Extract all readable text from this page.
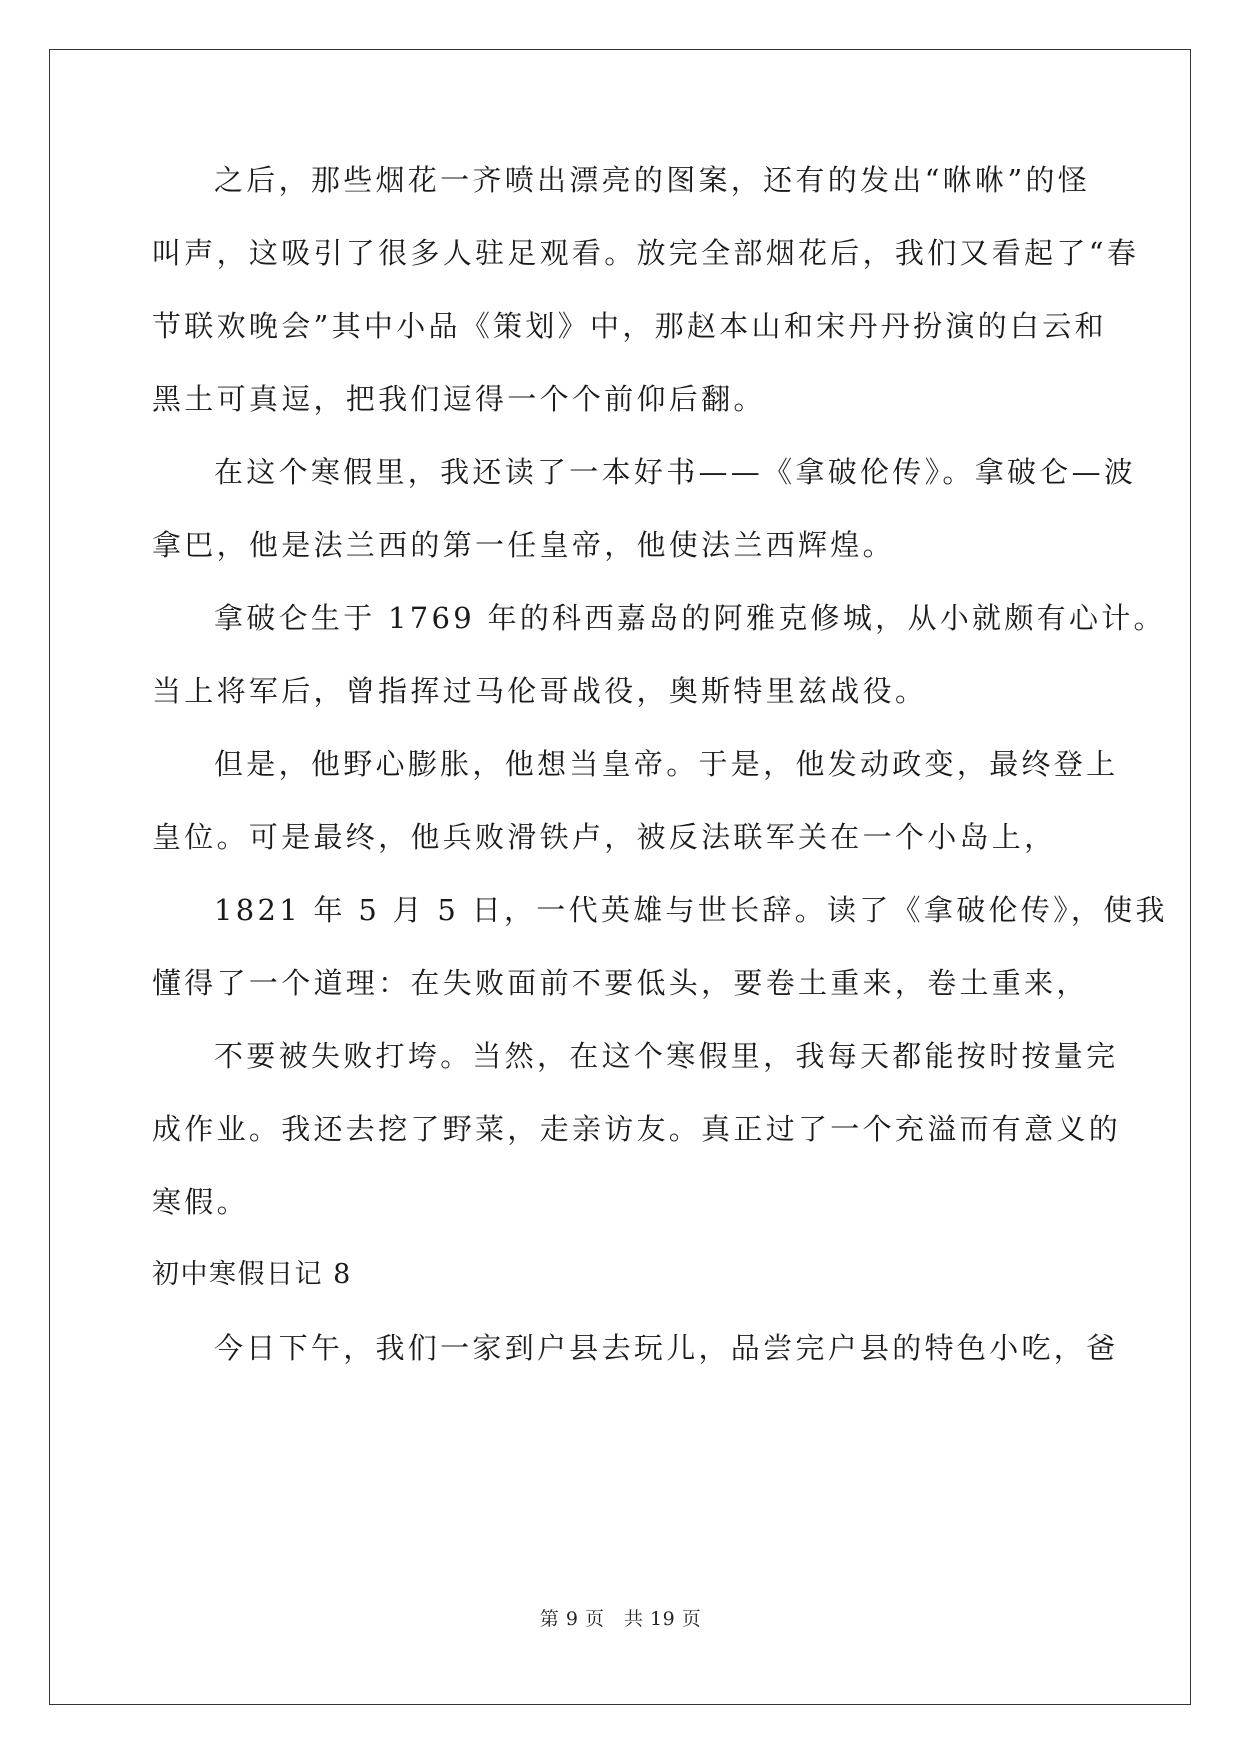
之后，那些烟花一齐喷出漂亮的图案，还有的发出“咻咻”的怪
叫声，这吸引了很多人驻足观看。放完全部烟花后，我们又看起了“春
节联欢晚会”其中小品《策划》中，那赵本山和宋丹丹扮演的白云和
黑土可真逗，把我们逗得一个个前仰后翻。
在这个寒假里，我还读了一本好书——《拿破伦传》。拿破仑—波
拿巴，他是法兰西的第一任皇帝，他使法兰西辉煌。
拿破仑生于 1769 年的科西嘉岛的阿雅克修城，从小就颇有心计。
当上将军后，曾指挥过马伦哥战役，奥斯特里兹战役。
但是，他野心膨胀，他想当皇帝。于是，他发动政变，最终登上
皇位。可是最终，他兵败滑铁卢，被反法联军关在一个小岛上，
1821 年 5 月 5 日，一代英雄与世长辞。读了《拿破伦传》，使我
懂得了一个道理：在失败面前不要低头，要卷土重来，卷土重来，
不要被失败打垮。当然，在这个寒假里，我每天都能按时按量完
成作业。我还去挖了野菜，走亲访友。真正过了一个充溢而有意义的
寒假。
初中寒假日记 8
今日下午，我们一家到户县去玩儿，品尝完户县的特色小吃，爸
第 9 页　共 19 页
